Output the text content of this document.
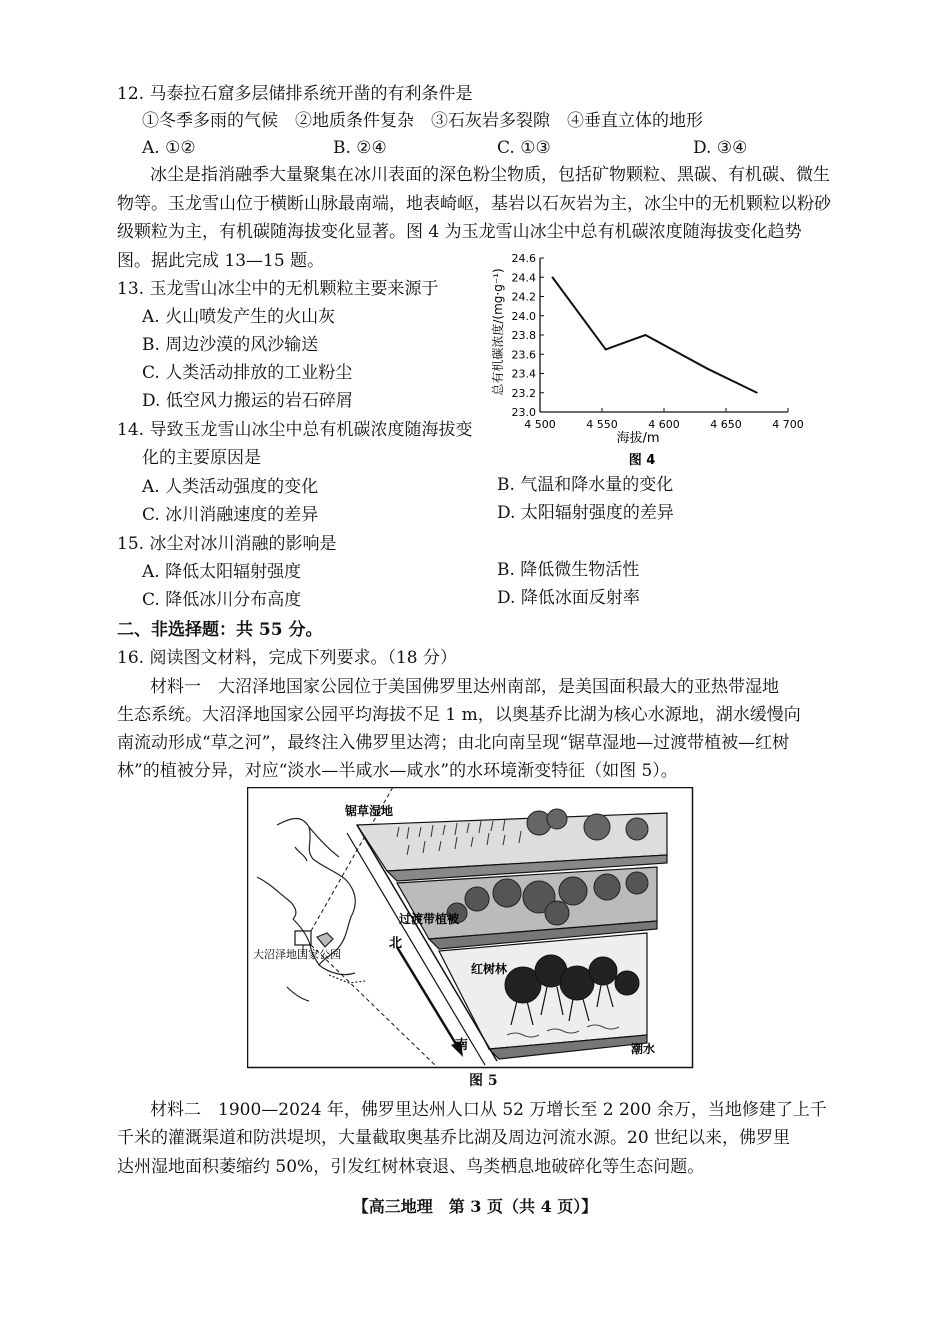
12. 马泰拉石窟多层储排系统开凿的有利条件是
①冬季多雨的气候　②地质条件复杂　③石灰岩多裂隙　④垂直立体的地形
A. ①②	B. ②④	C. ①③	D. ③④
冰尘是指消融季大量聚集在冰川表面的深色粉尘物质，包括矿物颗粒、黑碳、有机碳、微生
物等。玉龙雪山位于横断山脉最南端，地表崎岖，基岩以石灰岩为主，冰尘中的无机颗粒以粉砂
级颗粒为主，有机碳随海拔变化显著。图 4 为玉龙雪山冰尘中总有机碳浓度随海拔变化趋势
图。据此完成 13—15 题。
13. 玉龙雪山冰尘中的无机颗粒主要来源于
A. 火山喷发产生的火山灰
B. 周边沙漠的风沙输送
C. 人类活动排放的工业粉尘
D. 低空风力搬运的岩石碎屑
14. 导致玉龙雪山冰尘中总有机碳浓度随海拔变
化的主要原因是
A. 人类活动强度的变化	B. 气温和降水量的变化
C. 冰川消融速度的差异	D. 太阳辐射强度的差异
15. 冰尘对冰川消融的影响是
A. 降低太阳辐射强度	B. 降低微生物活性
C. 降低冰川分布高度	D. 降低冰面反射率
二、非选择题：共 55 分。
16. 阅读图文材料，完成下列要求。（18 分）
材料一　大沼泽地国家公园位于美国佛罗里达州南部，是美国面积最大的亚热带湿地
生态系统。大沼泽地国家公园平均海拔不足 1 m，以奥基乔比湖为核心水源地，湖水缓慢向
南流动形成“草之河”，最终注入佛罗里达湾；由北向南呈现“锯草湿地—过渡带植被—红树
林”的植被分异，对应“淡水—半咸水—咸水”的水环境渐变特征（如图 5）。
23.0
23.2
23.4
23.6
23.8
24.0
24.2
24.4
24.6
4 500	4 550	4 600	4 650	4 700
海拔/m
图 4
总有机碳浓度/(mg·g⁻¹)
大沼泽地国家公园
锯草湿地
过渡带植被
红树林
北
南	潮水
图 5
材料二　1900—2024 年，佛罗里达州人口从 52 万增长至 2 200 余万，当地修建了上千
千米的灌溉渠道和防洪堤坝，大量截取奥基乔比湖及周边河流水源。20 世纪以来，佛罗里
达州湿地面积萎缩约 50%，引发红树林衰退、鸟类栖息地破碎化等生态问题。
【高三地理　第 3 页（共 4 页）】
